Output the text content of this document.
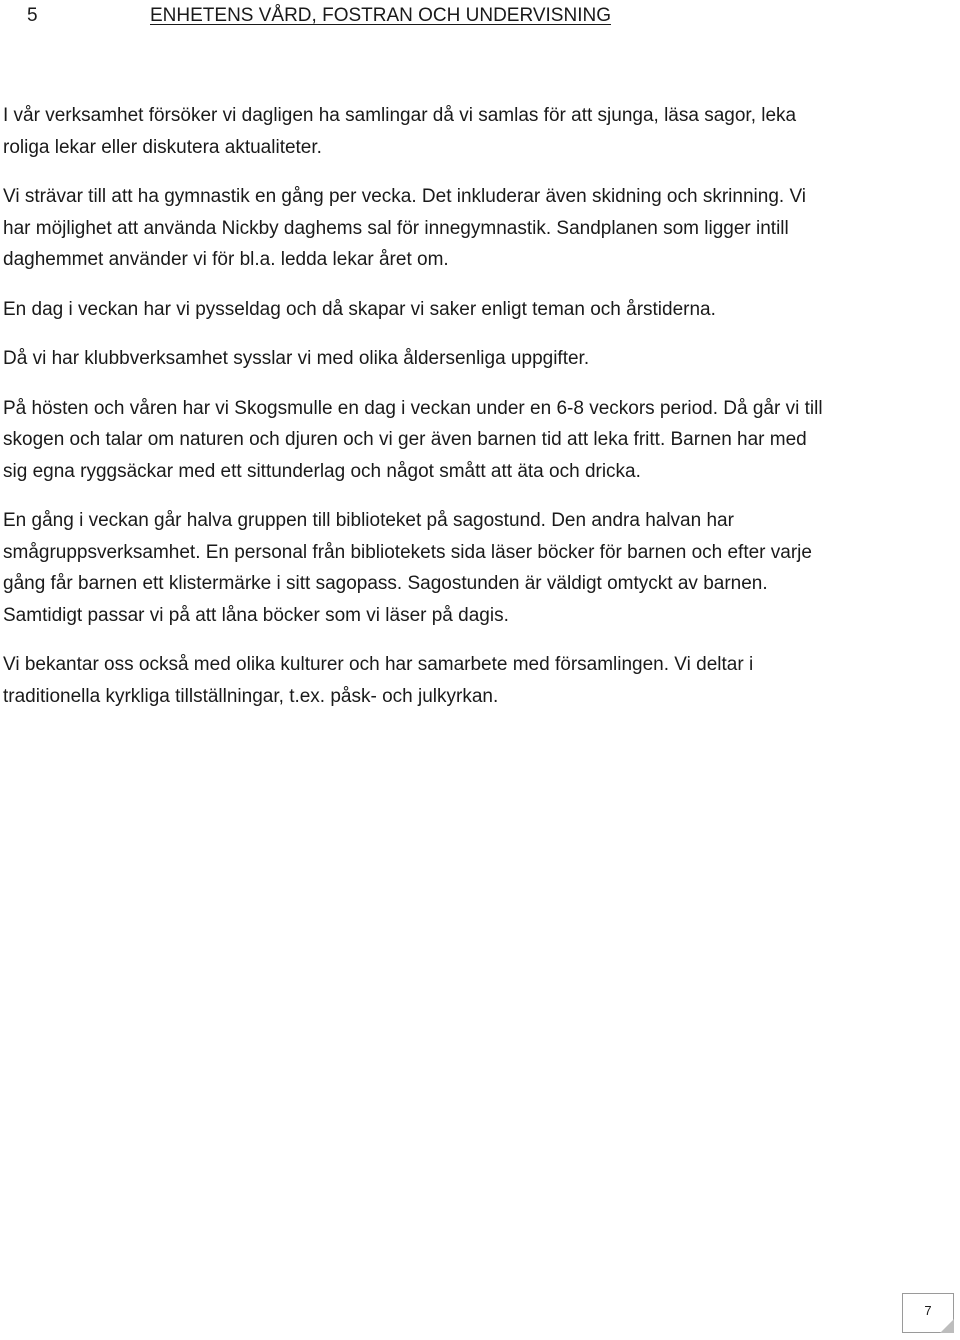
5	ENHETENS VÅRD, FOSTRAN OCH UNDERVISNING

I vår verksamhet försöker vi dagligen ha samlingar då vi samlas för att sjunga, läsa sagor, leka
roliga lekar eller diskutera aktualiteter.

Vi strävar till att ha gymnastik en gång per vecka. Det inkluderar även skidning och skrinning. Vi
har möjlighet att använda Nickby daghems sal för innegymnastik. Sandplanen som ligger intill
daghemmet använder vi för bl.a. ledda lekar året om.

En dag i veckan har vi pysseldag och då skapar vi saker enligt teman och årstiderna.

Då vi har klubbverksamhet sysslar vi med olika åldersenliga uppgifter.

På hösten och våren har vi Skogsmulle en dag i veckan under en 6-8 veckors period. Då går vi till
skogen och talar om naturen och djuren och vi ger även barnen tid att leka fritt. Barnen har med
sig egna ryggsäckar med ett sittunderlag och något smått att äta och dricka.

En gång i veckan går halva gruppen till biblioteket på sagostund. Den andra halvan har
smågruppsverksamhet. En personal från bibliotekets sida läser böcker för barnen och efter varje
gång får barnen ett klistermärke i sitt sagopass. Sagostunden är väldigt omtyckt av barnen.
Samtidigt passar vi på att låna böcker som vi läser på dagis.

Vi bekantar oss också med olika kulturer och har samarbete med församlingen. Vi deltar i
traditionella kyrkliga tillställningar, t.ex. påsk- och julkyrkan.

7
